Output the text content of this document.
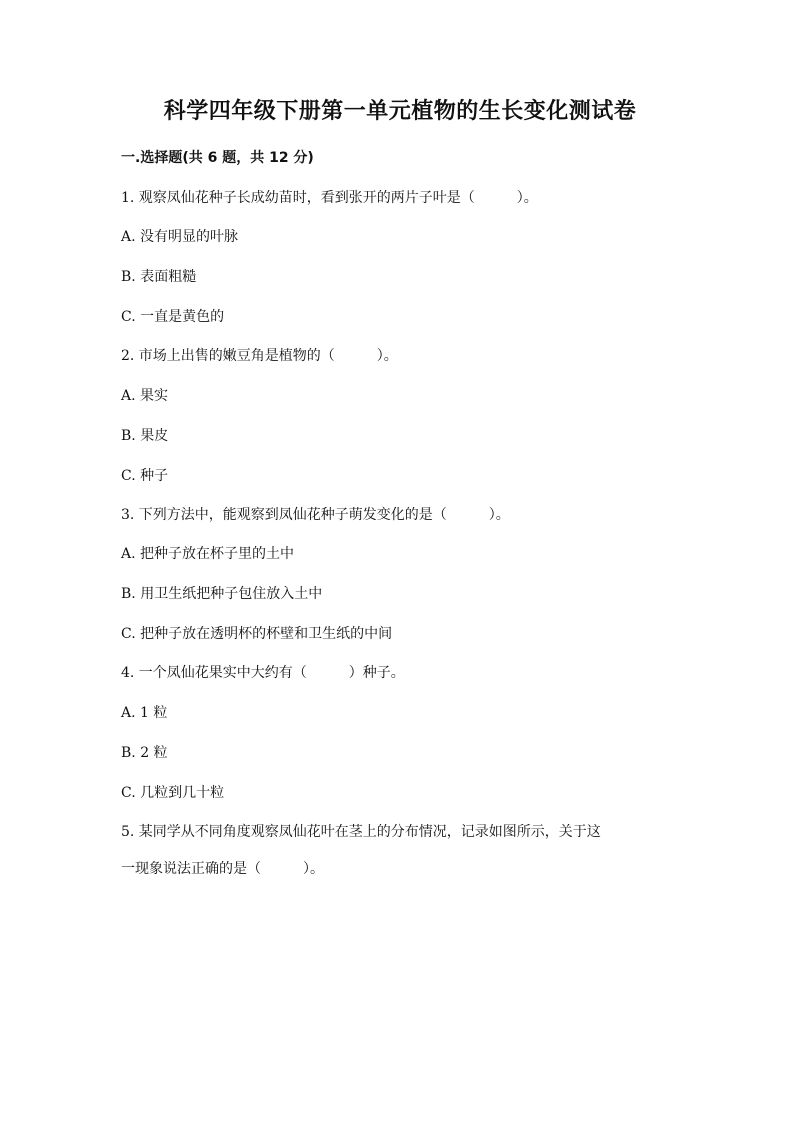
科学四年级下册第一单元植物的生长变化测试卷
一.选择题(共 6 题，共 12 分)
1. 观察凤仙花种子长成幼苗时，看到张开的两片子叶是（　　　）。
A. 没有明显的叶脉
B. 表面粗糙
C. 一直是黄色的
2. 市场上出售的嫩豆角是植物的（　　　）。
A. 果实
B. 果皮
C. 种子
3. 下列方法中，能观察到凤仙花种子萌发变化的是（　　　）。
A. 把种子放在杯子里的土中
B. 用卫生纸把种子包住放入土中
C. 把种子放在透明杯的杯壁和卫生纸的中间
4. 一个凤仙花果实中大约有（　　　）种子。
A. 1 粒
B. 2 粒
C. 几粒到几十粒
5. 某同学从不同角度观察凤仙花叶在茎上的分布情况，记录如图所示，关于这
一现象说法正确的是（　　　）。
